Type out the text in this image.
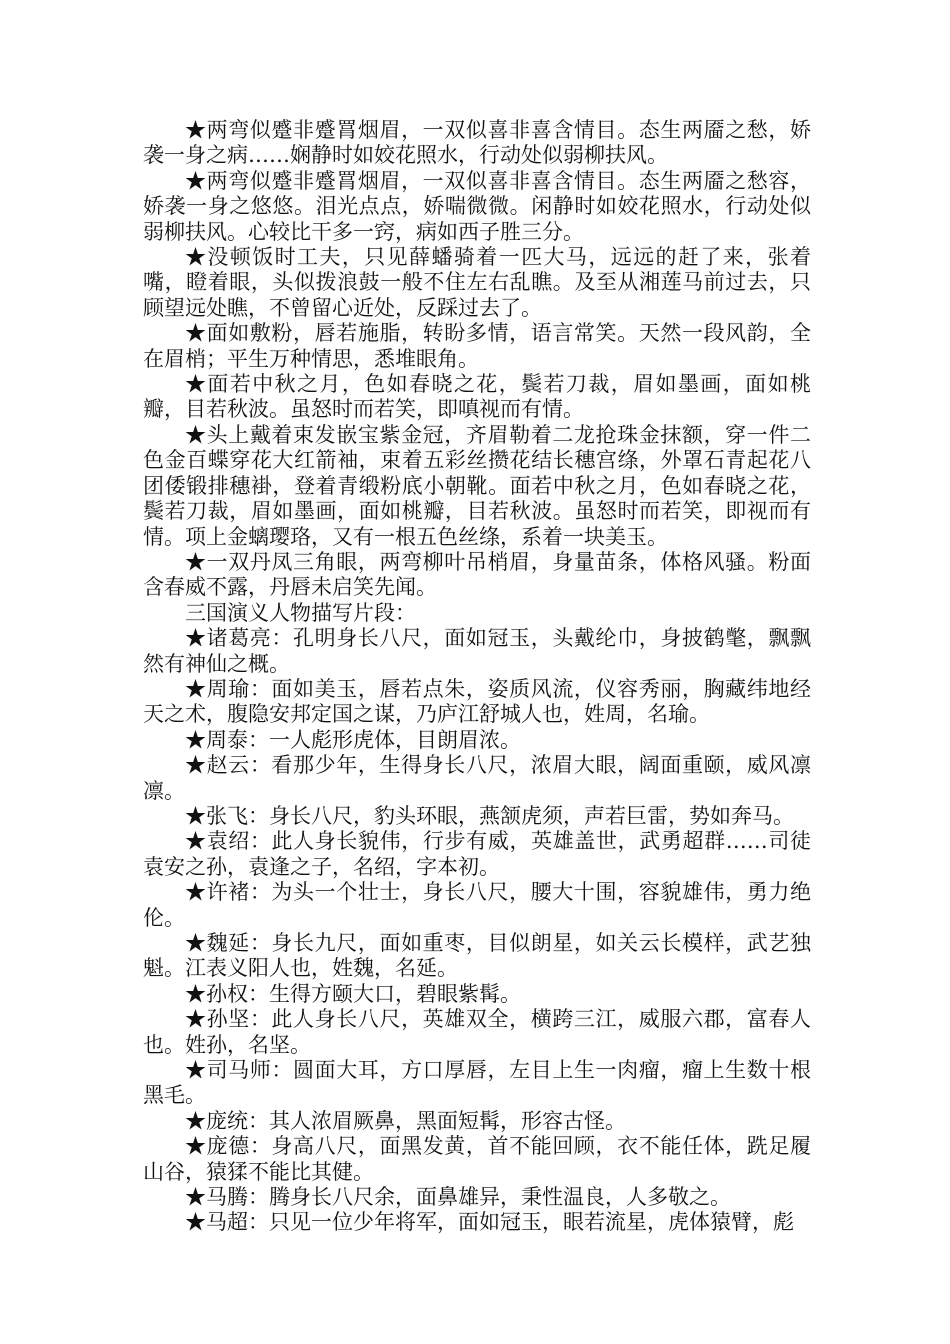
★两弯似蹙非蹙罥烟眉，一双似喜非喜含情目。态生两靥之愁，娇袭一身之病……娴静时如姣花照水，行动处似弱柳扶风。

★两弯似蹙非蹙罥烟眉，一双似喜非喜含情目。态生两靥之愁容，娇袭一身之悠悠。泪光点点，娇喘微微。闲静时如姣花照水，行动处似弱柳扶风。心较比干多一窍，病如西子胜三分。

★没顿饭时工夫，只见薛蟠骑着一匹大马，远远的赶了来，张着嘴，瞪着眼，头似拨浪鼓一般不住左右乱瞧。及至从湘莲马前过去，只顾望远处瞧，不曾留心近处，反踩过去了。

★面如敷粉，唇若施脂，转盼多情，语言常笑。天然一段风韵，全在眉梢；平生万种情思，悉堆眼角。

★面若中秋之月，色如春晓之花，鬓若刀裁，眉如墨画，面如桃瓣，目若秋波。虽怒时而若笑，即嗔视而有情。

★头上戴着束发嵌宝紫金冠，齐眉勒着二龙抢珠金抹额，穿一件二色金百蝶穿花大红箭袖，束着五彩丝攒花结长穗宫绦，外罩石青起花八团倭锻排穗褂，登着青缎粉底小朝靴。面若中秋之月，色如春晓之花，鬓若刀裁，眉如墨画，面如桃瓣，目若秋波。虽怒时而若笑，即视而有情。项上金螭璎珞，又有一根五色丝绦，系着一块美玉。

★一双丹凤三角眼，两弯柳叶吊梢眉，身量苗条，体格风骚。粉面含春威不露，丹唇未启笑先闻。

三国演义人物描写片段：

★诸葛亮：孔明身长八尺，面如冠玉，头戴纶巾，身披鹤氅，飘飘然有神仙之概。

★周瑜：面如美玉，唇若点朱，姿质风流，仪容秀丽，胸藏纬地经天之术，腹隐安邦定国之谋，乃庐江舒城人也，姓周，名瑜。

★周泰：一人彪形虎体，目朗眉浓。

★赵云：看那少年，生得身长八尺，浓眉大眼，阔面重颐，威风凛凛。

★张飞：身长八尺，豹头环眼，燕颔虎须，声若巨雷，势如奔马。

★袁绍：此人身长貌伟，行步有威，英雄盖世，武勇超群……司徒袁安之孙，袁逢之子，名绍，字本初。

★许褚：为头一个壮士，身长八尺，腰大十围，容貌雄伟，勇力绝伦。

★魏延：身长九尺，面如重枣，目似朗星，如关云长模样，武艺独魁。江表义阳人也，姓魏，名延。

★孙权：生得方颐大口，碧眼紫髯。

★孙坚：此人身长八尺，英雄双全，横跨三江，威服六郡，富春人也。姓孙，名坚。

★司马师：圆面大耳，方口厚唇，左目上生一肉瘤，瘤上生数十根黑毛。

★庞统：其人浓眉厥鼻，黑面短髯，形容古怪。

★庞德：身高八尺，面黑发黄，首不能回顾，衣不能任体，跣足履山谷，猿猱不能比其健。

★马腾：腾身长八尺余，面鼻雄异，秉性温良，人多敬之。

★马超：只见一位少年将军，面如冠玉，眼若流星，虎体猿臂，彪
